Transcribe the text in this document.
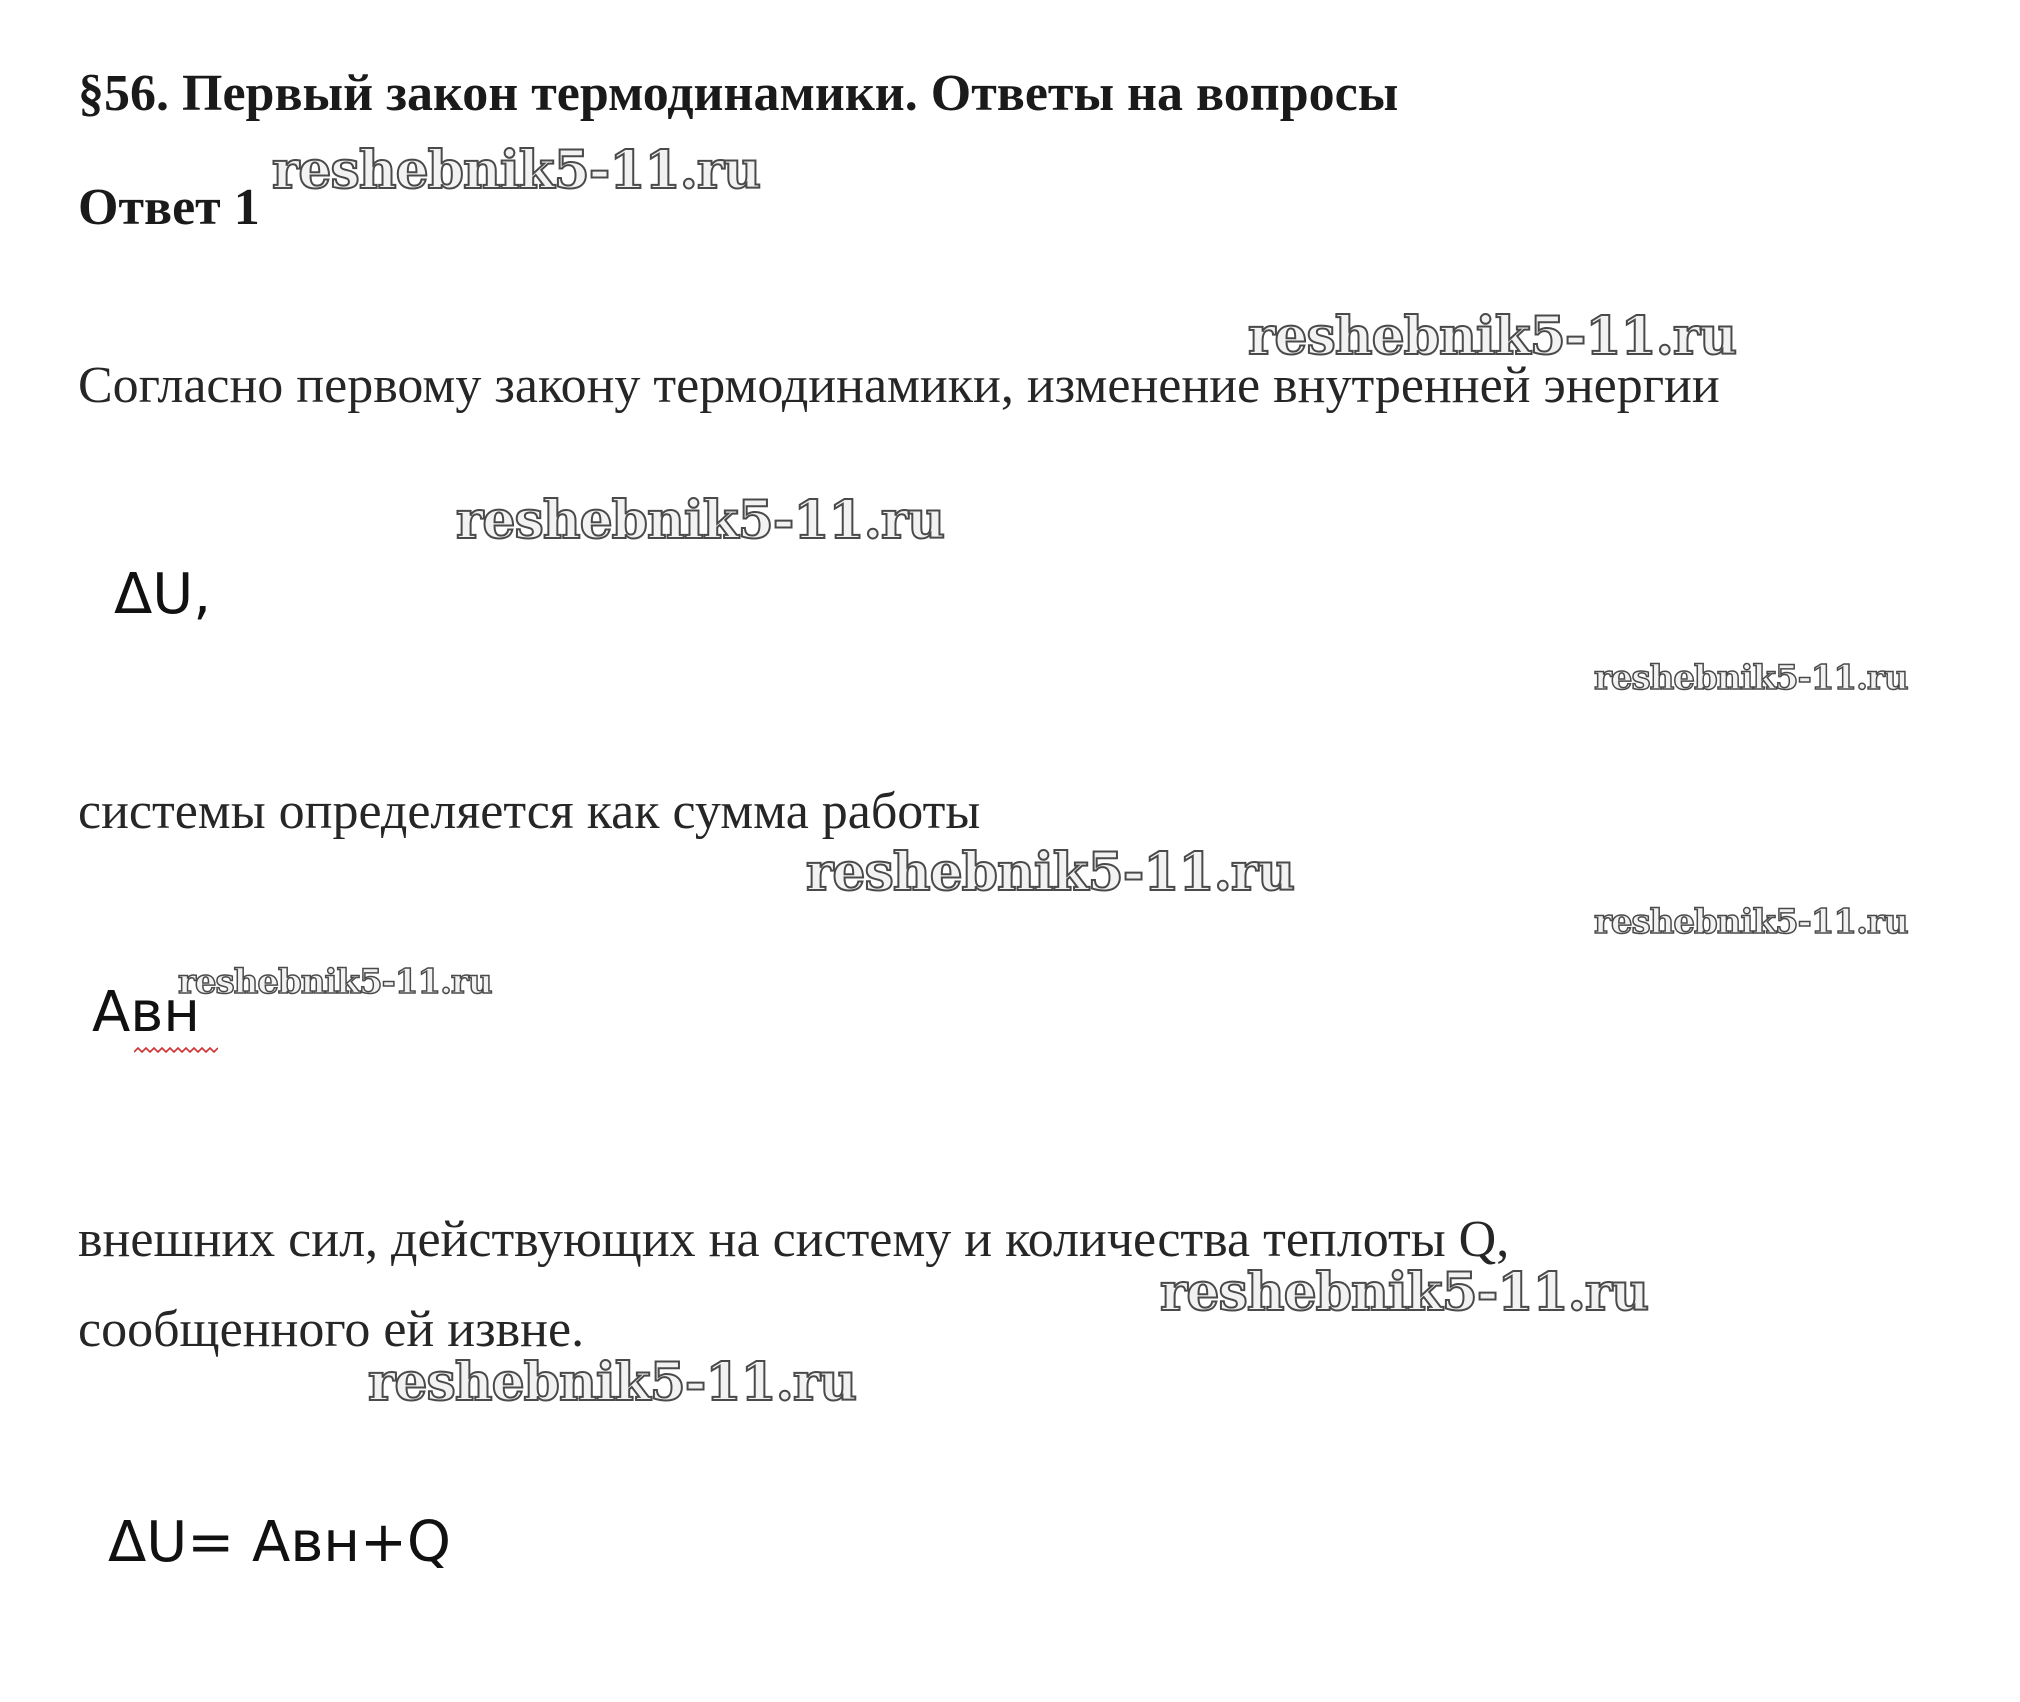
§56. Первый закон термодинамики. Ответы на вопросы
Ответ 1
Согласно первому закону термодинамики, изменение внутренней энергии
ΔU,
системы определяется как сумма работы
Aвн
внешних сил, действующих на систему и количества теплоты Q,
сообщенного ей извне.
ΔU= Aвн+Q
reshebnik5-11.ru
reshebnik5-11.ru
reshebnik5-11.ru
reshebnik5-11.ru
reshebnik5-11.ru
reshebnik5-11.ru
reshebnik5-11.ru
reshebnik5-11.ru
reshebnik5-11.ru
